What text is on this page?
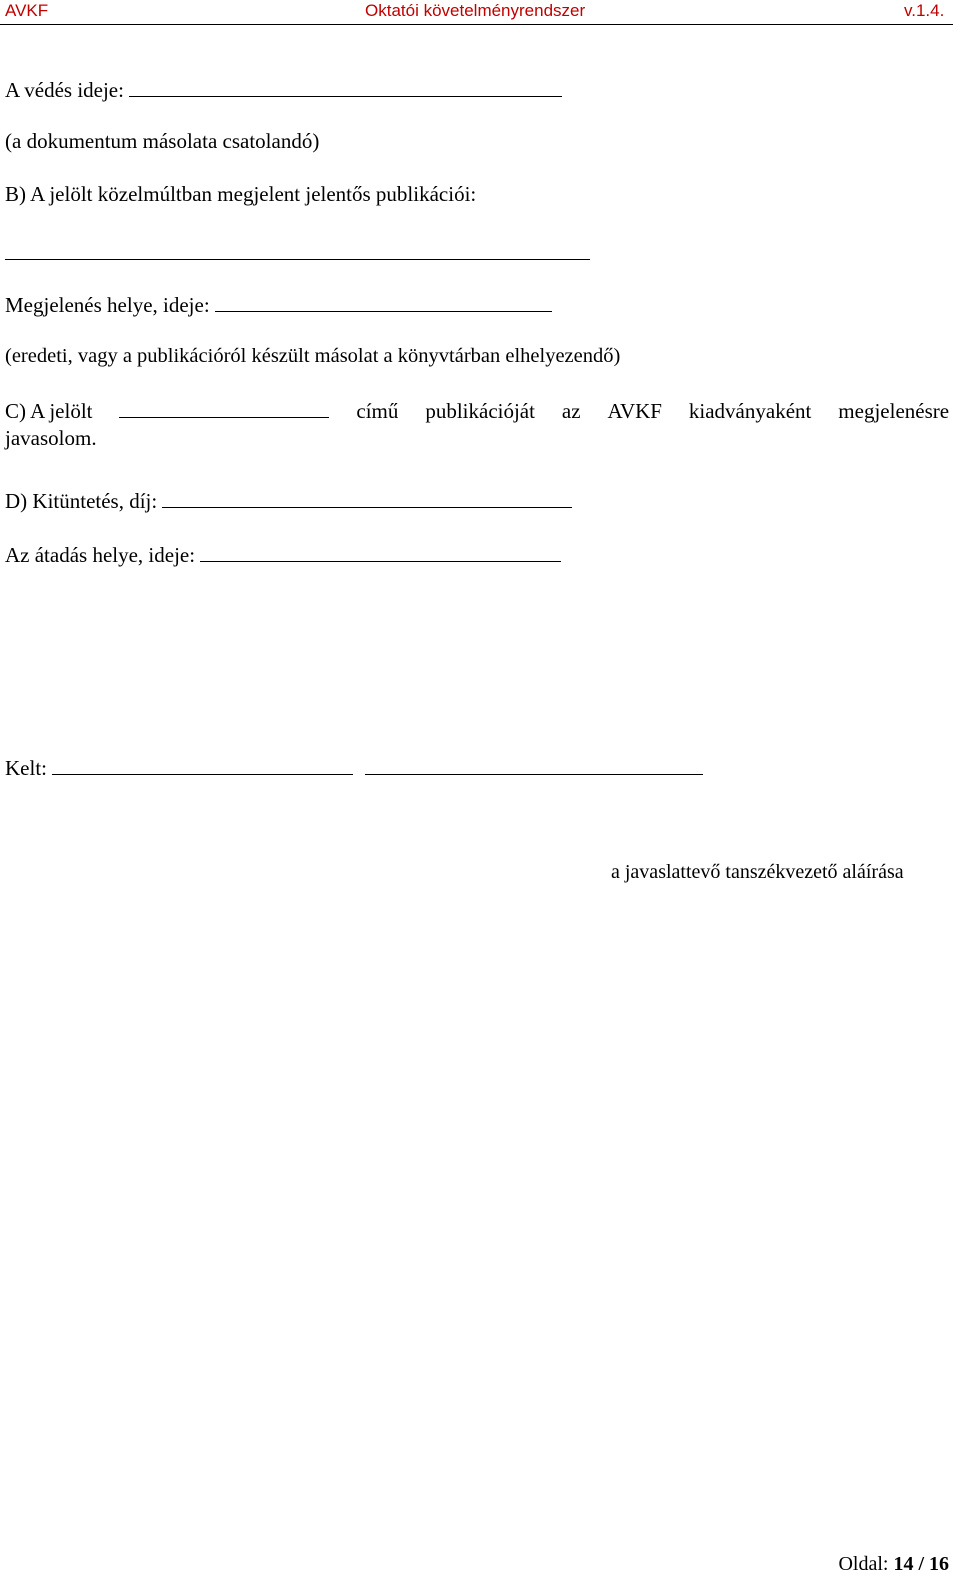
AVKF	Oktatói követelményrendszer	v.1.4.
A védés ideje:
(a dokumentum másolata csatolandó)
B) A jelölt közelmúltban megjelent jelentős publikációi:
Megjelenés helye, ideje:
(eredeti, vagy a publikációról készült másolat a könyvtárban elhelyezendő)
C) A jelölt	című publikációját az AVKF kiadványaként megjelenésre
javasolom.
D) Kitüntetés, díj:
Az átadás helye, ideje:
Kelt:
a javaslattevő tanszékvezető aláírása
Oldal: 14 / 16
